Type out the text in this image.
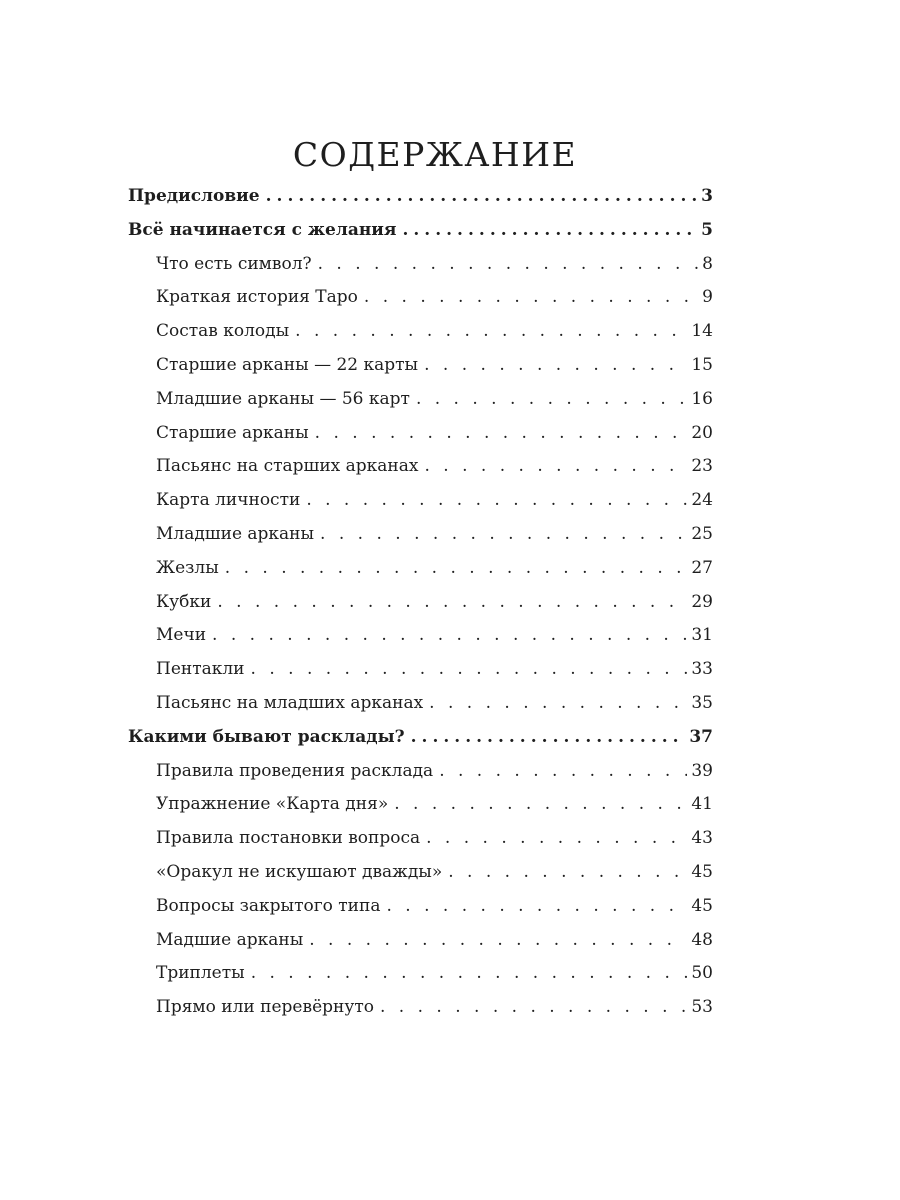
СОДЕРЖАНИЕ
Предисловие .....	3
Всё начинается с желания .....	5
Что есть символ? . . .	8
Краткая история Таро . . .	9
Состав колоды . . .	14
Старшие арканы — 22 карты . . .	15
Младшие арканы — 56 карт . . .	16
Старшие арканы . . .	20
Пасьянс на старших арканах . . .	23
Карта личности . . .	24
Младшие арканы . . .	25
Жезлы . . .	27
Кубки . . .	29
Мечи . . .	31
Пентакли . . .	33
Пасьянс на младших арканах . . .	35
Какими бывают расклады? .....	37
Правила проведения расклада . . .	39
Упражнение «Карта дня» . . .	41
Правила постановки вопроса . . .	43
«Оракул не искушают дважды» . . .	45
Вопросы закрытого типа . . .	45
Мадшие арканы . . .	48
Триплеты . . .	50
Прямо или перевёрнуто . . .	53
